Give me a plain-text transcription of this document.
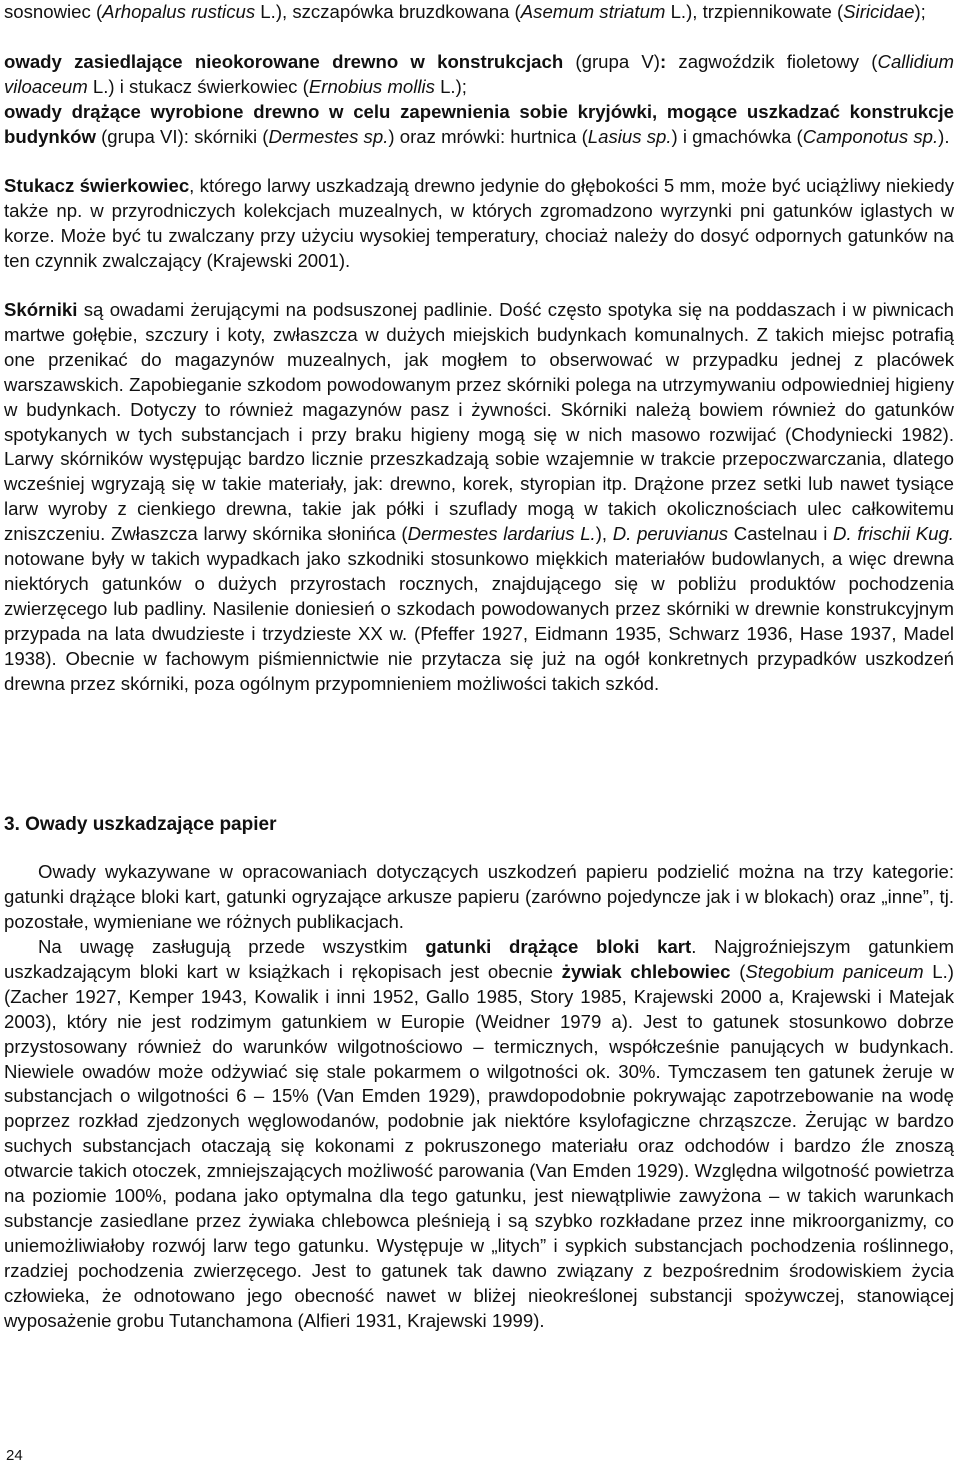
sosnowiec (Arhopalus rusticus L.), szczapówka bruzdkowana (Asemum striatum L.), trzpiennikowate (Siricidae);
owady zasiedlające nieokorowane drewno w konstrukcjach (grupa V): zagwoździk fioletowy (Callidium viloaceum L.) i stukacz świerkowiec (Ernobius mollis L.);
owady drążące wyrobione drewno w celu zapewnienia sobie kryjówki, mogące uszkadzać konstrukcje budynków (grupa VI): skórniki (Dermestes sp.) oraz mrówki: hurtnica (Lasius sp.) i gmachówka (Camponotus sp.).
Stukacz świerkowiec, którego larwy uszkadzają drewno jedynie do głębokości 5 mm, może być uciążliwy niekiedy także np. w przyrodniczych kolekcjach muzealnych, w których zgromadzono wyrzynki pni gatunków iglastych w korze. Może być tu zwalczany przy użyciu wysokiej temperatury, chociaż należy do dosyć odpornych gatunków na ten czynnik zwalczający (Krajewski 2001).
Skórniki są owadami żerującymi na podsuszonej padlinie. Dość często spotyka się na poddaszach i w piwnicach martwe gołębie, szczury i koty, zwłaszcza w dużych miejskich budynkach komunalnych. Z takich miejsc potrafią one przenikać do magazynów muzealnych, jak mogłem to obserwować w przypadku jednej z placówek warszawskich. Zapobieganie szkodom powodowanym przez skórniki polega na utrzymywaniu odpowiedniej higieny w budynkach. Dotyczy to również magazynów pasz i żywności. Skórniki należą bowiem również do gatunków spotykanych w tych substancjach i przy braku higieny mogą się w nich masowo rozwijać (Chodyniecki 1982). Larwy skórników występując bardzo licznie przeszkadzają sobie wzajemnie w trakcie przepoczwarczania, dlatego wcześniej wgryzają się w takie materiały, jak: drewno, korek, styropian itp. Drążone przez setki lub nawet tysiące larw wyroby z cienkiego drewna, takie jak półki i szuflady mogą w takich okolicznościach ulec całkowitemu zniszczeniu. Zwłaszcza larwy skórnika słonińca (Dermestes lardarius L.), D. peruvianus Castelnau i D. frischii Kug. notowane były w takich wypadkach jako szkodniki stosunkowo miękkich materiałów budowlanych, a więc drewna niektórych gatunków o dużych przyrostach rocznych, znajdującego się w pobliżu produktów pochodzenia zwierzęcego lub padliny. Nasilenie doniesień o szkodach powodowanych przez skórniki w drewnie konstrukcyjnym przypada na lata dwudzieste i trzydzieste XX w. (Pfeffer 1927, Eidmann 1935, Schwarz 1936, Hase 1937, Madel 1938). Obecnie w fachowym piśmiennictwie nie przytacza się już na ogół konkretnych przypadków uszkodzeń drewna przez skórniki, poza ogólnym przypomnieniem możliwości takich szkód.
3. Owady uszkadzające papier
Owady wykazywane w opracowaniach dotyczących uszkodzeń papieru podzielić można na trzy kategorie: gatunki drążące bloki kart, gatunki ogryzające arkusze papieru (zarówno pojedyncze jak i w blokach) oraz „inne”, tj. pozostałe, wymieniane we różnych publikacjach.
Na uwagę zasługują przede wszystkim gatunki drążące bloki kart. Najgroźniejszym gatunkiem uszkadzającym bloki kart w książkach i rękopisach jest obecnie żywiak chlebowiec (Stegobium paniceum L.) (Zacher 1927, Kemper 1943, Kowalik i inni 1952, Gallo 1985, Story 1985, Krajewski 2000 a, Krajewski i Matejak 2003), który nie jest rodzimym gatunkiem w Europie (Weidner 1979 a). Jest to gatunek stosunkowo dobrze przystosowany również do warunków wilgotnościowo – termicznych, współcześnie panujących w budynkach. Niewiele owadów może odżywiać się stale pokarmem o wilgotności ok. 30%. Tymczasem ten gatunek żeruje w substancjach o wilgotności 6 – 15% (Van Emden 1929), prawdopodobnie pokrywając zapotrzebowanie na wodę poprzez rozkład zjedzonych węglowodanów, podobnie jak niektóre ksylofagiczne chrząszcze. Żerując w bardzo suchych substancjach otaczają się kokonami z pokruszonego materiału oraz odchodów i bardzo źle znoszą otwarcie takich otoczek, zmniejszających możliwość parowania (Van Emden 1929). Względna wilgotność powietrza na poziomie 100%, podana jako optymalna dla tego gatunku, jest niewątpliwie zawyżona – w takich warunkach substancje zasiedlane przez żywiaka chlebowca pleśnieją i są szybko rozkładane przez inne mikroorganizmy, co uniemożliwiałoby rozwój larw tego gatunku. Występuje w „litych” i sypkich substancjach pochodzenia roślinnego, rzadziej pochodzenia zwierzęcego. Jest to gatunek tak dawno związany z bezpośrednim środowiskiem życia człowieka, że odnotowano jego obecność nawet w bliżej nieokreślonej substancji spożywczej, stanowiącej wyposażenie grobu Tutanchamona (Alfieri 1931, Krajewski 1999).
24
